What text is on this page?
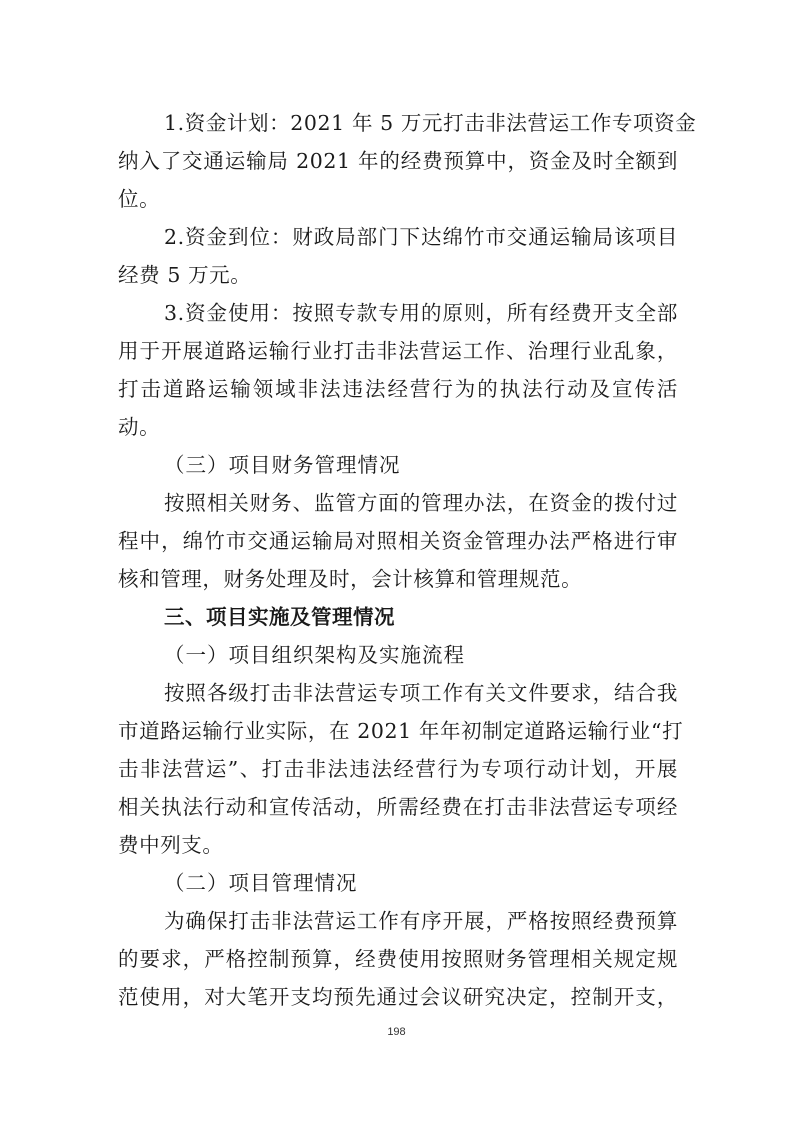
1.资金计划：2021 年 5 万元打击非法营运工作专项资金
纳入了交通运输局 2021 年的经费预算中，资金及时全额到
位。
2.资金到位：财政局部门下达绵竹市交通运输局该项目
经费 5 万元。
3.资金使用：按照专款专用的原则，所有经费开支全部
用于开展道路运输行业打击非法营运工作、治理行业乱象，
打击道路运输领域非法违法经营行为的执法行动及宣传活
动。
（三）项目财务管理情况
按照相关财务、监管方面的管理办法，在资金的拨付过
程中，绵竹市交通运输局对照相关资金管理办法严格进行审
核和管理，财务处理及时，会计核算和管理规范。
三、项目实施及管理情况
（一）项目组织架构及实施流程
按照各级打击非法营运专项工作有关文件要求，结合我
市道路运输行业实际，在 2021 年年初制定道路运输行业“打
击非法营运”、打击非法违法经营行为专项行动计划，开展
相关执法行动和宣传活动，所需经费在打击非法营运专项经
费中列支。
（二）项目管理情况
为确保打击非法营运工作有序开展，严格按照经费预算
的要求，严格控制预算，经费使用按照财务管理相关规定规
范使用，对大笔开支均预先通过会议研究决定，控制开支，
198
